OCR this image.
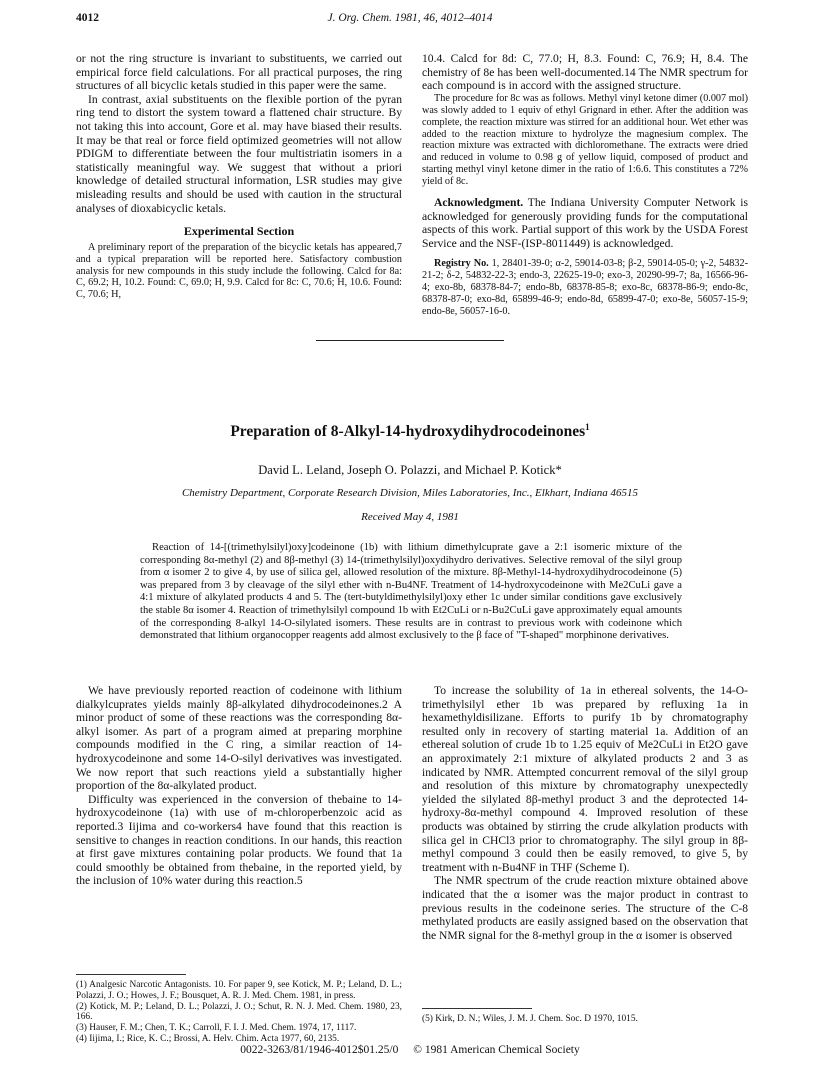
4012	J. Org. Chem. 1981, 46, 4012–4014

or not the ring structure is invariant to substituents, we carried out empirical force field calculations. For all practical purposes, the ring structures of all bicyclic ketals studied in this paper were the same.

In contrast, axial substituents on the flexible portion of the pyran ring tend to distort the system toward a flattened chair structure. By not taking this into account, Gore et al. may have biased their results. It may be that real or force field optimized geometries will not allow PDIGM to differentiate between the four multistriatin isomers in a statistically meaningful way. We suggest that without a priori knowledge of detailed structural information, LSR studies may give misleading results and should be used with caution in the structural analyses of dioxabicyclic ketals.

Experimental Section

A preliminary report of the preparation of the bicyclic ketals has appeared,7 and a typical preparation will be reported here. Satisfactory combustion analysis for new compounds in this study include the following. Calcd for 8a: C, 69.2; H, 10.2. Found: C, 69.0; H, 9.9. Calcd for 8c: C, 70.6; H, 10.6. Found: C, 70.6; H,

10.4. Calcd for 8d: C, 77.0; H, 8.3. Found: C, 76.9; H, 8.4. The chemistry of 8e has been well-documented.14 The NMR spectrum for each compound is in accord with the assigned structure.

The procedure for 8c was as follows. Methyl vinyl ketone dimer (0.007 mol) was slowly added to 1 equiv of ethyl Grignard in ether. After the addition was complete, the reaction mixture was stirred for an additional hour. Wet ether was added to the reaction mixture to hydrolyze the magnesium complex. The reaction mixture was extracted with dichloromethane. The extracts were dried and reduced in volume to 0.98 g of yellow liquid, composed of product and starting methyl vinyl ketone dimer in the ratio of 1:6.6. This constitutes a 72% yield of 8c.

Acknowledgment. The Indiana University Computer Network is acknowledged for generously providing funds for the computational aspects of this work. Partial support of this work by the USDA Forest Service and the NSF-(ISP-8011449) is acknowledged.

Registry No. 1, 28401-39-0; α-2, 59014-03-8; β-2, 59014-05-0; γ-2, 54832-21-2; δ-2, 54832-22-3; endo-3, 22625-19-0; exo-3, 20290-99-7; 8a, 16566-96-4; exo-8b, 68378-84-7; endo-8b, 68378-85-8; exo-8c, 68378-86-9; endo-8c, 68378-87-0; exo-8d, 65899-46-9; endo-8d, 65899-47-0; exo-8e, 56057-15-9; endo-8e, 56057-16-0.

Preparation of 8-Alkyl-14-hydroxydihydrocodeinones$^1$
David L. Leland, Joseph O. Polazzi, and Michael P. Kotick*
Chemistry Department, Corporate Research Division, Miles Laboratories, Inc., Elkhart, Indiana 46515
Received May 4, 1981

Reaction of 14-[(trimethylsilyl)oxy]codeinone (1b) with lithium dimethylcuprate gave a 2:1 isomeric mixture of the corresponding 8α-methyl (2) and 8β-methyl (3) 14-(trimethylsilyl)oxydihydro derivatives. Selective removal of the silyl group from α isomer 2 to give 4, by use of silica gel, allowed resolution of the mixture. 8β-Methyl-14-hydroxydihydrocodeinone (5) was prepared from 3 by cleavage of the silyl ether with n-Bu4NF. Treatment of 14-hydroxycodeinone with Me2CuLi gave a 4:1 mixture of alkylated products 4 and 5. The (tert-butyldimethylsilyl)oxy ether 1c under similar conditions gave exclusively the stable 8α isomer 4. Reaction of trimethylsilyl compound 1b with Et2CuLi or n-Bu2CuLi gave approximately equal amounts of the corresponding 8-alkyl 14-O-silylated isomers. These results are in contrast to previous work with codeinone which demonstrated that lithium organocopper reagents add almost exclusively to the β face of "T-shaped" morphinone derivatives.

We have previously reported reaction of codeinone with lithium dialkylcuprates yields mainly 8β-alkylated dihydrocodeinones.2 A minor product of some of these reactions was the corresponding 8α-alkyl isomer. As part of a program aimed at preparing morphine compounds modified in the C ring, a similar reaction of 14-hydroxycodeinone and some 14-O-silyl derivatives was investigated. We now report that such reactions yield a substantially higher proportion of the 8α-alkylated product.

Difficulty was experienced in the conversion of thebaine to 14-hydroxycodeinone (1a) with use of m-chloroperbenzoic acid as reported.3 Iijima and co-workers4 have found that this reaction is sensitive to changes in reaction conditions. In our hands, this reaction at first gave mixtures containing polar products. We found that 1a could smoothly be obtained from thebaine, in the reported yield, by the inclusion of 10% water during this reaction.5

To increase the solubility of 1a in ethereal solvents, the 14-O-trimethylsilyl ether 1b was prepared by refluxing 1a in hexamethyldisilizane. Efforts to purify 1b by chromatography resulted only in recovery of starting material 1a. Addition of an ethereal solution of crude 1b to 1.25 equiv of Me2CuLi in Et2O gave an approximately 2:1 mixture of alkylated products 2 and 3 as indicated by NMR. Attempted concurrent removal of the silyl group and resolution of this mixture by chromatography unexpectedly yielded the silylated 8β-methyl product 3 and the deprotected 14-hydroxy-8α-methyl compound 4. Improved resolution of these products was obtained by stirring the crude alkylation products with silica gel in CHCl3 prior to chromatography. The silyl group in 8β-methyl compound 3 could then be easily removed, to give 5, by treatment with n-Bu4NF in THF (Scheme I).

The NMR spectrum of the crude reaction mixture obtained above indicated that the α isomer was the major product in contrast to previous results in the codeinone series. The structure of the C-8 methylated products are easily assigned based on the observation that the NMR signal for the 8-methyl group in the α isomer is observed

(1) Analgesic Narcotic Antagonists. 10. For paper 9, see Kotick, M. P.; Leland, D. L.; Polazzi, J. O.; Howes, J. F.; Bousquet, A. R. J. Med. Chem. 1981, in press.
(2) Kotick, M. P.; Leland, D. L.; Polazzi, J. O.; Schut, R. N. J. Med. Chem. 1980, 23, 166.
(3) Hauser, F. M.; Chen, T. K.; Carroll, F. I. J. Med. Chem. 1974, 17, 1117.
(4) Iijima, I.; Rice, K. C.; Brossi, A. Helv. Chim. Acta 1977, 60, 2135.
(5) Kirk, D. N.; Wiles, J. M. J. Chem. Soc. D 1970, 1015.
0022-3263/81/1946-4012$01.25/0 © 1981 American Chemical Society
